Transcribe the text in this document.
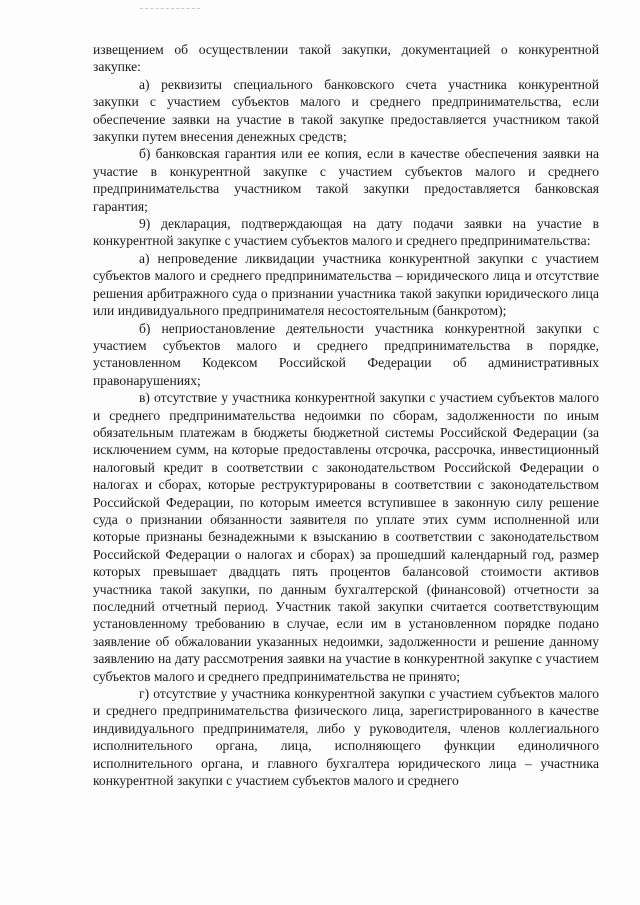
извещением об осуществлении такой закупки, документацией о конкурентной закупке:

а) реквизиты специального банковского счета участника конкурентной закупки с участием субъектов малого и среднего предпринимательства, если обеспечение заявки на участие в такой закупке предоставляется участником такой закупки путем внесения денежных средств;

б) банковская гарантия или ее копия, если в качестве обеспечения заявки на участие в конкурентной закупке с участием субъектов малого и среднего предпринимательства участником такой закупки предоставляется банковская гарантия;

9) декларация, подтверждающая на дату подачи заявки на участие в конкурентной закупке с участием субъектов малого и среднего предпринимательства:

а) непроведение ликвидации участника конкурентной закупки с участием субъектов малого и среднего предпринимательства – юридического лица и отсутствие решения арбитражного суда о признании участника такой закупки юридического лица или индивидуального предпринимателя несостоятельным (банкротом);

б) неприостановление деятельности участника конкурентной закупки с участием субъектов малого и среднего предпринимательства в порядке, установленном Кодексом Российской Федерации об административных правонарушениях;

в) отсутствие у участника конкурентной закупки с участием субъектов малого и среднего предпринимательства недоимки по сборам, задолженности по иным обязательным платежам в бюджеты бюджетной системы Российской Федерации (за исключением сумм, на которые предоставлены отсрочка, рассрочка, инвестиционный налоговый кредит в соответствии с законодательством Российской Федерации о налогах и сборах, которые реструктурированы в соответствии с законодательством Российской Федерации, по которым имеется вступившее в законную силу решение суда о признании обязанности заявителя по уплате этих сумм исполненной или которые признаны безнадежными к взысканию в соответствии с законодательством Российской Федерации о налогах и сборах) за прошедший календарный год, размер которых превышает двадцать пять процентов балансовой стоимости активов участника такой закупки, по данным бухгалтерской (финансовой) отчетности за последний отчетный период. Участник такой закупки считается соответствующим установленному требованию в случае, если им в установленном порядке подано заявление об обжаловании указанных недоимки, задолженности и решение данному заявлению на дату рассмотрения заявки на участие в конкурентной закупке с участием субъектов малого и среднего предпринимательства не принято;

г) отсутствие у участника конкурентной закупки с участием субъектов малого и среднего предпринимательства физического лица, зарегистрированного в качестве индивидуального предпринимателя, либо у руководителя, членов коллегиального исполнительного органа, лица, исполняющего функции единоличного исполнительного органа, и главного бухгалтера юридического лица – участника конкурентной закупки с участием субъектов малого и среднего
